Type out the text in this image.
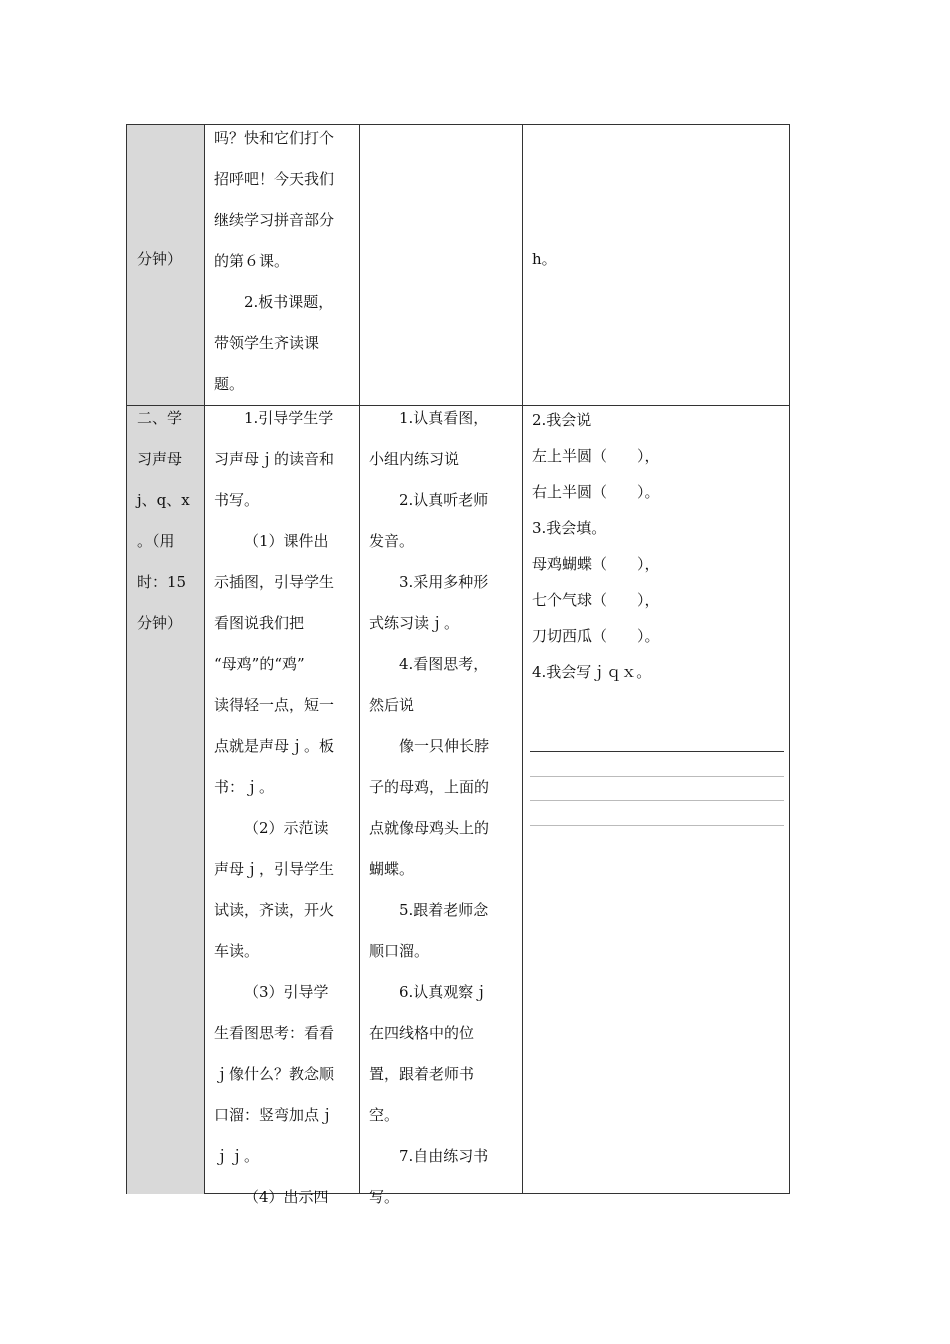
分钟）
吗？快和它们打个
招呼吧！今天我们
继续学习拼音部分
的第６课。
2.板书课题，
带领学生齐读课
题。
h。
二、学
习声母
j、q、x
。（用
时：15
分钟）
1.引导学生学
习声母ｊ的读音和
书写。
（1）课件出
示插图，引导学生
看图说我们把
“母鸡”的“鸡”
读得轻一点，短一
点就是声母ｊ。板
书：ｊ。
（2）示范读
声母ｊ，引导学生
试读，齐读，开火
车读。
（3）引导学
生看图思考：看看
ｊ像什么？教念顺
口溜：竖弯加点ｊ
ｊｊ。
（4）出示四
1.认真看图，
小组内练习说
2.认真听老师
发音。
3.采用多种形
式练习读ｊ。
4.看图思考，
然后说
像一只伸长脖
子的母鸡，上面的
点就像母鸡头上的
蝴蝶。
5.跟着老师念
顺口溜。
6.认真观察ｊ
在四线格中的位
置，跟着老师书
空。
7.自由练习书
写。
2.我会说
左上半圆（　　），
右上半圆（　　）。
3.我会填。
母鸡蝴蝶（　　），
七个气球（　　），
刀切西瓜（　　）。
4.我会写ｊｑｘ。
